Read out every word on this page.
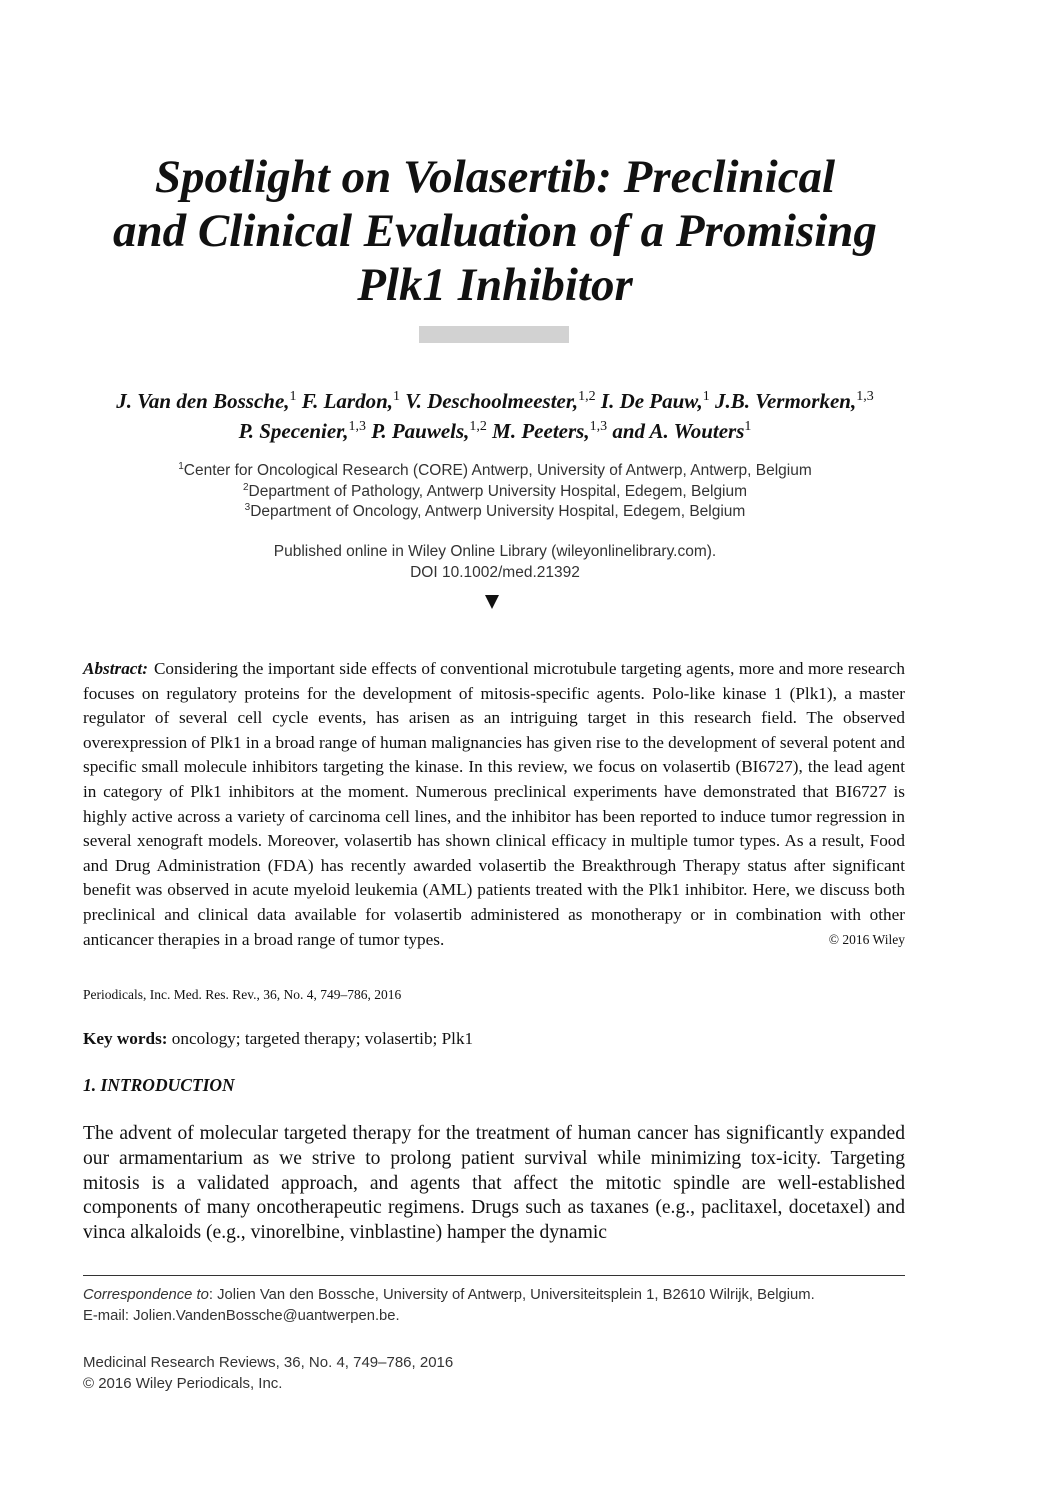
Spotlight on Volasertib: Preclinical
and Clinical Evaluation of a Promising
Plk1 Inhibitor
J. Van den Bossche,$^1$ F. Lardon,$^1$ V. Deschoolmeester,$^{1,2}$ I. De Pauw,$^1$ J.B. Vermorken,$^{1,3}$
P. Specenier,$^{1,3}$ P. Pauwels,$^{1,2}$ M. Peeters,$^{1,3}$ and A. Wouters$^1$
$^1$Center for Oncological Research (CORE) Antwerp, University of Antwerp, Antwerp, Belgium
$^2$Department of Pathology, Antwerp University Hospital, Edegem, Belgium
$^3$Department of Oncology, Antwerp University Hospital, Edegem, Belgium
Published online in Wiley Online Library (wileyonlinelibrary.com).
DOI 10.1002/med.21392

Abstract: Considering the important side effects of conventional microtubule targeting agents, more and more research focuses on regulatory proteins for the development of mitosis-specific agents. Polo-like kinase 1 (Plk1), a master regulator of several cell cycle events, has arisen as an intriguing target in this research field. The observed overexpression of Plk1 in a broad range of human malignancies has given rise to the development of several potent and specific small molecule inhibitors targeting the kinase. In this review, we focus on volasertib (BI6727), the lead agent in category of Plk1 inhibitors at the moment. Numerous preclinical experiments have demonstrated that BI6727 is highly active across a variety of carcinoma cell lines, and the inhibitor has been reported to induce tumor regression in several xenograft models. Moreover, volasertib has shown clinical efficacy in multiple tumor types. As a result, Food and Drug Administration (FDA) has recently awarded volasertib the Breakthrough Therapy status after significant benefit was observed in acute myeloid leukemia (AML) patients treated with the Plk1 inhibitor. Here, we discuss both preclinical and clinical data available for volasertib administered as monotherapy or in combination with other anticancer therapies in a broad range of tumor types.	© 2016 Wiley

Periodicals, Inc. Med. Res. Rev., 36, No. 4, 749–786, 2016
Key words: oncology; targeted therapy; volasertib; Plk1
1. INTRODUCTION

The advent of molecular targeted therapy for the treatment of human cancer has significantly expanded our armamentarium as we strive to prolong patient survival while minimizing tox-icity. Targeting mitosis is a validated approach, and agents that affect the mitotic spindle are well-established components of many oncotherapeutic regimens. Drugs such as taxanes (e.g., paclitaxel, docetaxel) and vinca alkaloids (e.g., vinorelbine, vinblastine) hamper the dynamic

Correspondence to: Jolien Van den Bossche, University of Antwerp, Universiteitsplein 1, B2610 Wilrijk, Belgium.
E-mail: Jolien.VandenBossche@uantwerpen.be.
Medicinal Research Reviews, 36, No. 4, 749–786, 2016
© 2016 Wiley Periodicals, Inc.
